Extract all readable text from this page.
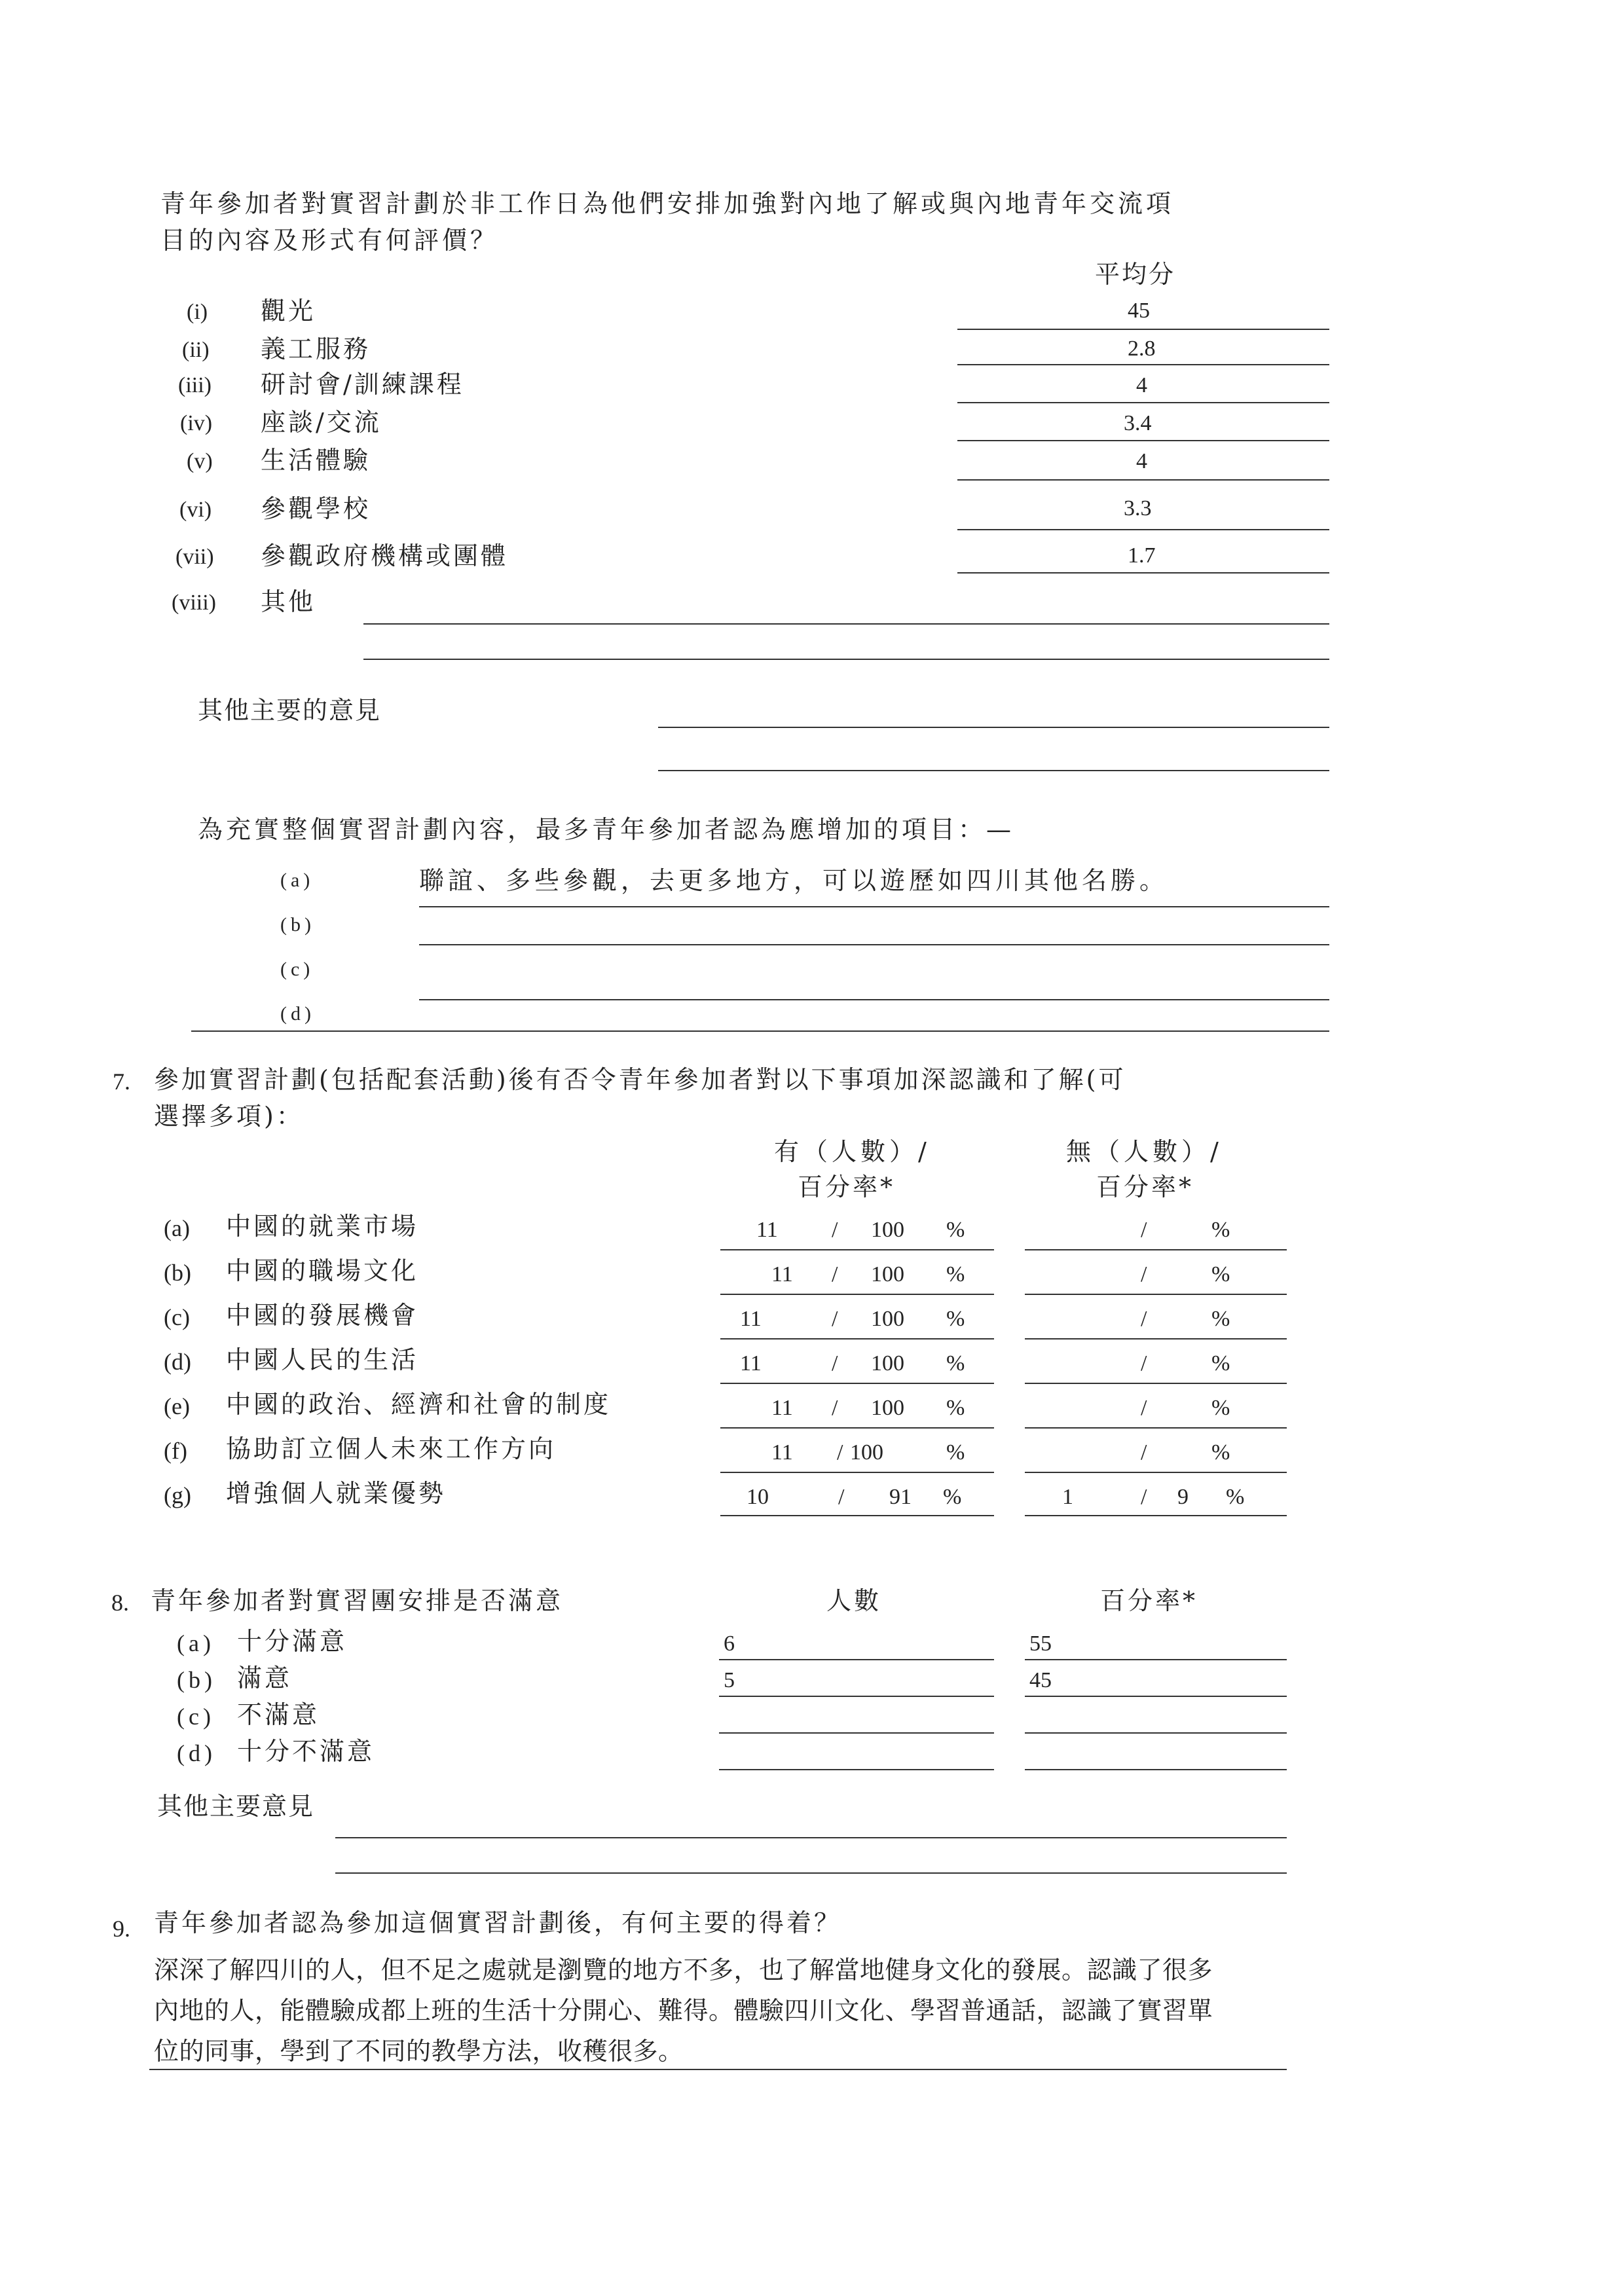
青年參加者對實習計劃於非工作日為他們安排加強對內地了解或與內地青年交流項
目的內容及形式有何評價？
平均分
(i) 觀光	45
(ii) 義工服務	2.8
(iii) 研討會/訓練課程	4
(iv) 座談/交流	3.4
(v) 生活體驗	4
(vi) 參觀學校	3.3
(vii) 參觀政府機構或團體	1.7
(viii) 其他
其他主要的意見
為充實整個實習計劃內容，最多青年參加者認為應增加的項目：—
(a)	聯誼、多些參觀，去更多地方，可以遊歷如四川其他名勝。
(b)
(c)
(d)
7. 參加實習計劃(包括配套活動)後有否令青年參加者對以下事項加深認識和了解(可
選擇多項)：
有（人數）/
百分率*
無（人數）/
百分率*
(a) 中國的就業市場	11 / 100 %	/	%
(b) 中國的職場文化	11 / 100 %	/	%
(c) 中國的發展機會	11	/ 100 %	/	%
(d) 中國人民的生活	11	/ 100 %	/	%
(e) 中國的政治、經濟和社會的制度	11 / 100 %	/	%
(f) 協助訂立個人未來工作方向	11 / 100	%	/	%
(g) 增強個人就業優勢	10	/ 91 %	1	/ 9 %
8. 青年參加者對實習團安排是否滿意	人數	百分率*
(a) 十分滿意	6	55
(b) 滿意	5	45
(c) 不滿意
(d) 十分不滿意
其他主要意見
9. 青年參加者認為參加這個實習計劃後，有何主要的得着？
深深了解四川的人，但不足之處就是瀏覽的地方不多，也了解當地健身文化的發展。認識了很多
內地的人，能體驗成都上班的生活十分開心、難得。體驗四川文化、學習普通話，認識了實習單
位的同事，學到了不同的教學方法，收穫很多。
